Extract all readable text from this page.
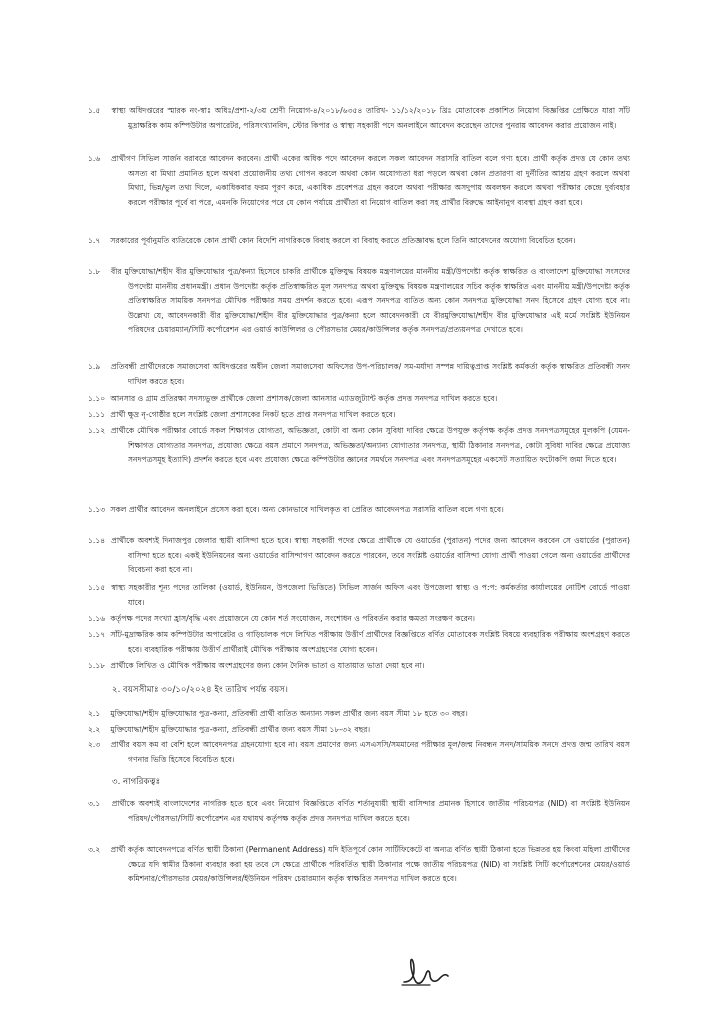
১.৫ স্বাস্থ্য অধিদপ্তরের স্মারক নং-স্বাঃ অধিঃ/প্রশা-২/৩য় শ্রেণী নিয়োগ-৪/২০১৮/৬৩৫৪ তারিখ- ১১/১২/২০১৮ খ্রিঃ মোতাবেক প্রকাশিত নিয়োগ বিজ্ঞপ্তির প্রেক্ষিতে যারা সাঁট মুদ্রাক্ষরিক কাম কম্পিউটার অপারেটর, পরিসংখ্যানবিদ, স্টোর কিপার ও স্বাস্থ্য সহকারী পদে অনলাইনে আবেদন করেছেন তাদের পুনরায় আবেদন করার প্রয়োজন নাই।
১.৬ প্রার্থীগণ সিভিল সার্জন বরাবরে আবেদন করবেন। প্রার্থী একের অধিক পদে আবেদন করলে সকল আবেদন সরাসরি বাতিল বলে গণ্য হবে। প্রার্থী কর্তৃক প্রদত্ত যে কোন তথ্য অসত্য বা মিথ্যা প্রমানিত হলে অথবা প্রয়োজনীয় তথ্য গোপন করলে অথবা কোন অযোগ্যতা ধরা পড়লে অথবা কোন প্রতারণা বা দুর্নীতির আশ্রয় গ্রহণ করলে অথবা মিথ্যা, ভিন্ন/ভুল তথ্য দিলে, একাধিকবার ফরম পূরণ করে, একাধিক প্রবেশপত্র গ্রহন করলে অথবা পরীক্ষার অসদুপায় অবলম্বন করলে অথবা পরীক্ষার কেন্দ্রে দুর্ব্যবহার করলে পরীক্ষার পূর্বে বা পরে, এমনকি নিয়োগের পরে যে কোন পর্যায়ে প্রার্থীতা বা নিয়োগ বাতিল করা সহ প্রার্থীর বিরুদ্ধে আইনানুগ ব্যবস্থা গ্রহণ করা হবে।
১.৭ সরকারের পূর্বানুমতি ব্যতিরেকে কোন প্রার্থী কোন বিদেশি নাগরিককে বিবাহ করলে বা বিবাহ করতে প্রতিজ্ঞাবদ্ধ হলে তিনি আবেদনের অযোগ্য বিবেচিত হবেন।
১.৮ বীর মুক্তিযোদ্ধা/শহীদ বীর মুক্তিযোদ্ধার পুত্র/কন্যা হিসেবে চাকরি প্রার্থীকে মুক্তিযুদ্ধ বিষয়ক মন্ত্রণালয়ের মাননীয় মন্ত্রী/উপদেষ্টা কর্তৃক স্বাক্ষরিত ও বাংলাদেশ মুক্তিযোদ্ধা সংসদের উপদেষ্টা মাননীয় প্রধানমন্ত্রী। প্রধান উপদেষ্টা কর্তৃক প্রতিস্বাক্ষরিত মূল সনদপত্র অথবা মুক্তিযুদ্ধ বিষয়ক মন্ত্রণালয়ের সচিব কর্তৃক স্বাক্ষরিত এবং মাননীয় মন্ত্রী/উপদেষ্টা কর্তৃক প্রতিস্বাক্ষরিত সাময়িক সনদপত্র মৌখিক পরীক্ষার সময় প্রদর্শন করতে হবে। এরূপ সনদপত্র ব্যতিত অন্য কোন সনদপত্র মুক্তিযোদ্ধা সনদ হিসেবে গ্রহণ যোগ্য হবে না। উল্লেখ্য যে, আবেদনকারী বীর মুক্তিযোদ্ধা/শহীদ বীর মুক্তিযোদ্ধার পুত্র/কন্যা হলে আবেদনকারী যে বীরমুক্তিযোদ্ধা/শহীদ বীর মুক্তিযোদ্ধার এই মর্মে সংশ্লিষ্ট ইউনিয়ন পরিষদের চেয়ারম্যান/সিটি কর্পোরেশন এর ওয়ার্ড কাউন্সিলর ও পৌরসভার মেয়র/কাউন্সিলর কর্তৃক সনদপত্র/প্রত্যয়নপত্র দেখাতে হবে।
১.৯ প্রতিবন্ধী প্রার্থীদেরকে সমাজসেবা অধিদপ্তরের অধীন জেলা সমাজসেবা অফিসের উপ-পরিচালক/ সম-মর্যাদা সম্পন্ন দায়িত্বপ্রাপ্ত সংশ্লিষ্ট কর্মকর্তা কর্তৃক স্বাক্ষরিত প্রতিবন্ধী সনদ দাখিল করতে হবে।
১.১০ আনসার ও গ্রাম প্রতিরক্ষা সদস্যভুক্ত প্রার্থীকে জেলা প্রশাসক/জেলা আনসার এ্যাডজুট্যান্ট কর্তৃক প্রদত্ত সনদপত্র দাখিল করতে হবে।
১.১১ প্রার্থী ক্ষুদ্র নৃ-গোষ্ঠীর হলে সংশ্লিষ্ট জেলা প্রশাসকের নিকট হতে প্রাপ্ত সনদপত্র দাখিল করতে হবে।
১.১২ প্রার্থীকে মৌখিক পরীক্ষার বোর্ডে সকল শিক্ষাগত যোগ্যতা, অভিজ্ঞতা, কোটা বা অন্য কোন সুবিধা দাবির ক্ষেত্রে উপযুক্ত কর্তৃপক্ষ কর্তৃক প্রদত্ত সনদপত্রসমূহের মূলকপি (যেমন- শিক্ষাগত যোগ্যতার সনদপত্র, প্রযোজ্য ক্ষেত্রে বয়স প্রমাণে সনদপত্র, অভিজ্ঞতা/অন্যান্য যোগ্যতার সনদপত্র, স্থায়ী ঠিকানার সনদপত্র, কোটা সুবিধা দাবির ক্ষেত্রে প্রযোজ্য সনদপত্রসমূহ ইত্যাদি) প্রদর্শন করতে হবে এবং প্রযোজ্য ক্ষেত্রে কম্পিউটার জ্ঞানের সমর্থনে সনদপত্র এবং সনদপত্রসমূহের একসেট সত্যায়িত ফটোকপি জমা দিতে হবে।
১.১৩ সকল প্রার্থীর আবেদন অনলাইনে প্রসেস করা হবে। অন্য কোনভাবে দাখিলকৃত বা প্রেরিত আবেদনপত্র সরাসরি বাতিল বলে গণ্য হবে।
১.১৪ প্রার্থীকে অবশ্যই দিনাজপুর জেলার স্থায়ী বাসিন্দা হতে হবে। স্বাস্থ্য সহকারী পদের ক্ষেত্রে প্রার্থীকে যে ওয়ার্ডের (পুরাতন) পদের জন্য আবেদন করবেন সে ওয়ার্ডের (পুরাতন) বাসিন্দা হতে হবে। একই ইউনিয়নের অন্য ওয়ার্ডের বাসিন্দাগণ আবেদন করতে পারবেন, তবে সংশ্লিষ্ট ওয়ার্ডের বাসিন্দা যোগ্য প্রার্থী পাওয়া গেলে অন্য ওয়ার্ডের প্রার্থীদের বিবেচনা করা হবে না।
১.১৫ স্বাস্থ্য সহকারীর শূন্য পদের তালিকা (ওয়ার্ড, ইউনিয়ন, উপজেলা ভিত্তিতে) সিভিল সার্জন অফিস এবং উপজেলা স্বাস্থ্য ও প:প: কর্মকর্তার কার্যালয়ের নোটিশ বোর্ডে পাওয়া যাবে।
১.১৬ কর্তৃপক্ষ পদের সংখ্যা হ্রাস/বৃদ্ধি এবং প্রয়োজনে যে কোন শর্ত সংযোজন, সংশোধন ও পরিবর্তন করার ক্ষমতা সংরক্ষণ করেন।
১.১৭ সাঁট-মুদ্রাক্ষরিক কাম কম্পিউটার অপারেটর ও গাড়িচালক পদে লিখিত পরীক্ষায় উত্তীর্ণ প্রার্থীদের বিজ্ঞপ্তিতে বর্ণিত মোতাবেক সংশ্লিষ্ট বিষয়ে ব্যবহারিক পরীক্ষায় অংশগ্রহণ করতে হবে। ব্যবহারিক পরীক্ষায় উত্তীর্ণ প্রার্থীরাই মৌখিক পরীক্ষায় অংশগ্রহণের যোগ্য হবেন।
১.১৮ প্রার্থীকে লিখিত ও মৌখিক পরীক্ষায় অংশগ্রহণের জন্য কোন দৈনিক ভাতা ও যাতায়াত ভাতা দেয়া হবে না।
২. বয়সসীমাঃ ৩০/১০/২০২৪ ইং তারিখ পর্যন্ত বয়স।
২.১ মুক্তিযোদ্ধা/শহীদ মুক্তিযোদ্ধার পুত্র-কন্যা, প্রতিবন্ধী প্রার্থী ব্যতিত অন্যান্য সকল প্রার্থীর জন্য বয়স সীমা ১৮ হতে ৩০ বছর।
২.২ মুক্তিযোদ্ধা/শহীদ মুক্তিযোদ্ধার পুত্র-কন্যা, প্রতিবন্ধী প্রার্থীর জন্য বয়স সীমা ১৮-৩২ বছর।
২.৩ প্রার্থীর বয়স কম বা বেশি হলে আবেদনপত্র গ্রহনযোগ্য হবে না। বয়স প্রমাণের জন্য এসএসসি/সমমানের পরীক্ষার মূল/জন্ম নিবন্ধন সনদ/সাময়িক সনদে প্রদত্ত জন্ম তারিখ বয়স গণনার ভিত্তি হিসেবে বিবেচিত হবে।
৩. নাগরিকত্বঃ
৩.১ প্রার্থীকে অবশ্যই বাংলাদেশের নাগরিক হতে হবে এবং নিয়োগ বিজ্ঞপ্তিতে বর্ণিত শর্তানুযায়ী স্থায়ী বাসিন্দার প্রমানক হিসাবে জাতীয় পরিচয়পত্র (NID) বা সংশ্লিষ্ট ইউনিয়ন পরিষদ/পৌরসভা/সিটি কর্পোরেশন এর যথাযথ কর্তৃপক্ষ কর্তৃক প্রদত্ত সনদপত্র দাখিল করতে হবে।
৩.২ প্রার্থী কর্তৃক আবেদনপত্রে বর্ণিত স্থায়ী ঠিকানা (Permanent Address) যদি ইতিপূর্বে কোন সার্টিফিকেটে বা অন্যত্র বর্ণিত স্থায়ী ঠিকানা হতে ভিন্নতর হয় কিংবা মহিলা প্রার্থীদের ক্ষেত্রে যদি স্বামীর ঠিকানা ব্যবহার করা হয় তবে সে ক্ষেত্রে প্রার্থীকে পরিবর্তিত স্থায়ী ঠিকানার পক্ষে জাতীয় পরিচয়পত্র (NID) বা সংশ্লিষ্ট সিটি কর্পোরেশনের মেয়র/ওয়ার্ড কমিশনার/পৌরসভার মেয়র/কাউন্সিলর/ইউনিয়ন পরিষদ চেয়ারম্যান কর্তৃক স্বাক্ষরিত সনদপত্র দাখিল করতে হবে।
